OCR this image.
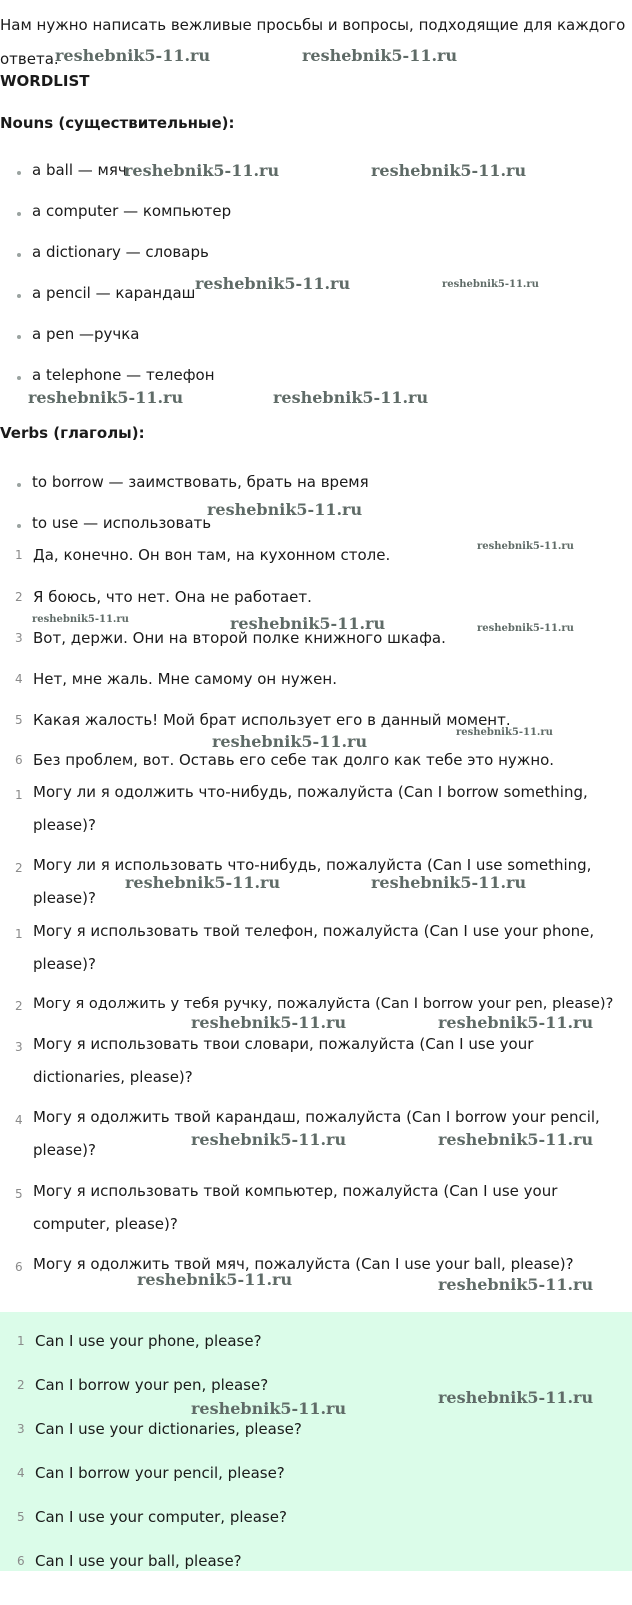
Нам нужно написать вежливые просьбы и вопросы, подходящие для каждого ответа.
WORDLIST
Nouns (существительные):
a ball — мяч
a computer — компьютер
a dictionary — словарь
a pencil — карандаш
a pen —ручка
a telephone — телефон
Verbs (глаголы):
to borrow — заимствовать, брать на время
to use — использовать
1 Да, конечно. Он вон там, на кухонном столе.
2 Я боюсь, что нет. Она не работает.
3 Вот, держи. Они на второй полке книжного шкафа.
4 Нет, мне жаль. Мне самому он нужен.
5 Какая жалость! Мой брат использует его в данный момент.
6 Без проблем, вот. Оставь его себе так долго как тебе это нужно.
1 Могу ли я одолжить что-нибудь, пожалуйста (Can I borrow something, please)?
2 Могу ли я использовать что-нибудь, пожалуйста (Can I use something, please)?
1 Могу я использовать твой телефон, пожалуйста (Can I use your phone, please)?
2 Могу я одолжить у тебя ручку, пожалуйста (Can I borrow your pen, please)?
3 Могу я использовать твои словари, пожалуйста (Can I use your dictionaries, please)?
4 Могу я одолжить твой карандаш, пожалуйста (Can I borrow your pencil, please)?
5 Могу я использовать твой компьютер, пожалуйста (Can I use your computer, please)?
6 Могу я одолжить твой мяч, пожалуйста (Can I use your ball, please)?
1 Can I use your phone, please?
2 Can I borrow your pen, please?
3 Can I use your dictionaries, please?
4 Can I borrow your pencil, please?
5 Can I use your computer, please?
6 Can I use your ball, please?
reshebnik5-11.ru	reshebnik5-11.ru
reshebnik5-11.ru	reshebnik5-11.ru
reshebnik5-11.ru	reshebnik5-11.ru
reshebnik5-11.ru	reshebnik5-11.ru
reshebnik5-11.ru
reshebnik5-11.ru
reshebnik5-11.ru	reshebnik5-11.ru	reshebnik5-11.ru
reshebnik5-11.ru
reshebnik5-11.ru
reshebnik5-11.ru	reshebnik5-11.ru
reshebnik5-11.ru	reshebnik5-11.ru
reshebnik5-11.ru	reshebnik5-11.ru
reshebnik5-11.ru	reshebnik5-11.ru
reshebnik5-11.ru
reshebnik5-11.ru
